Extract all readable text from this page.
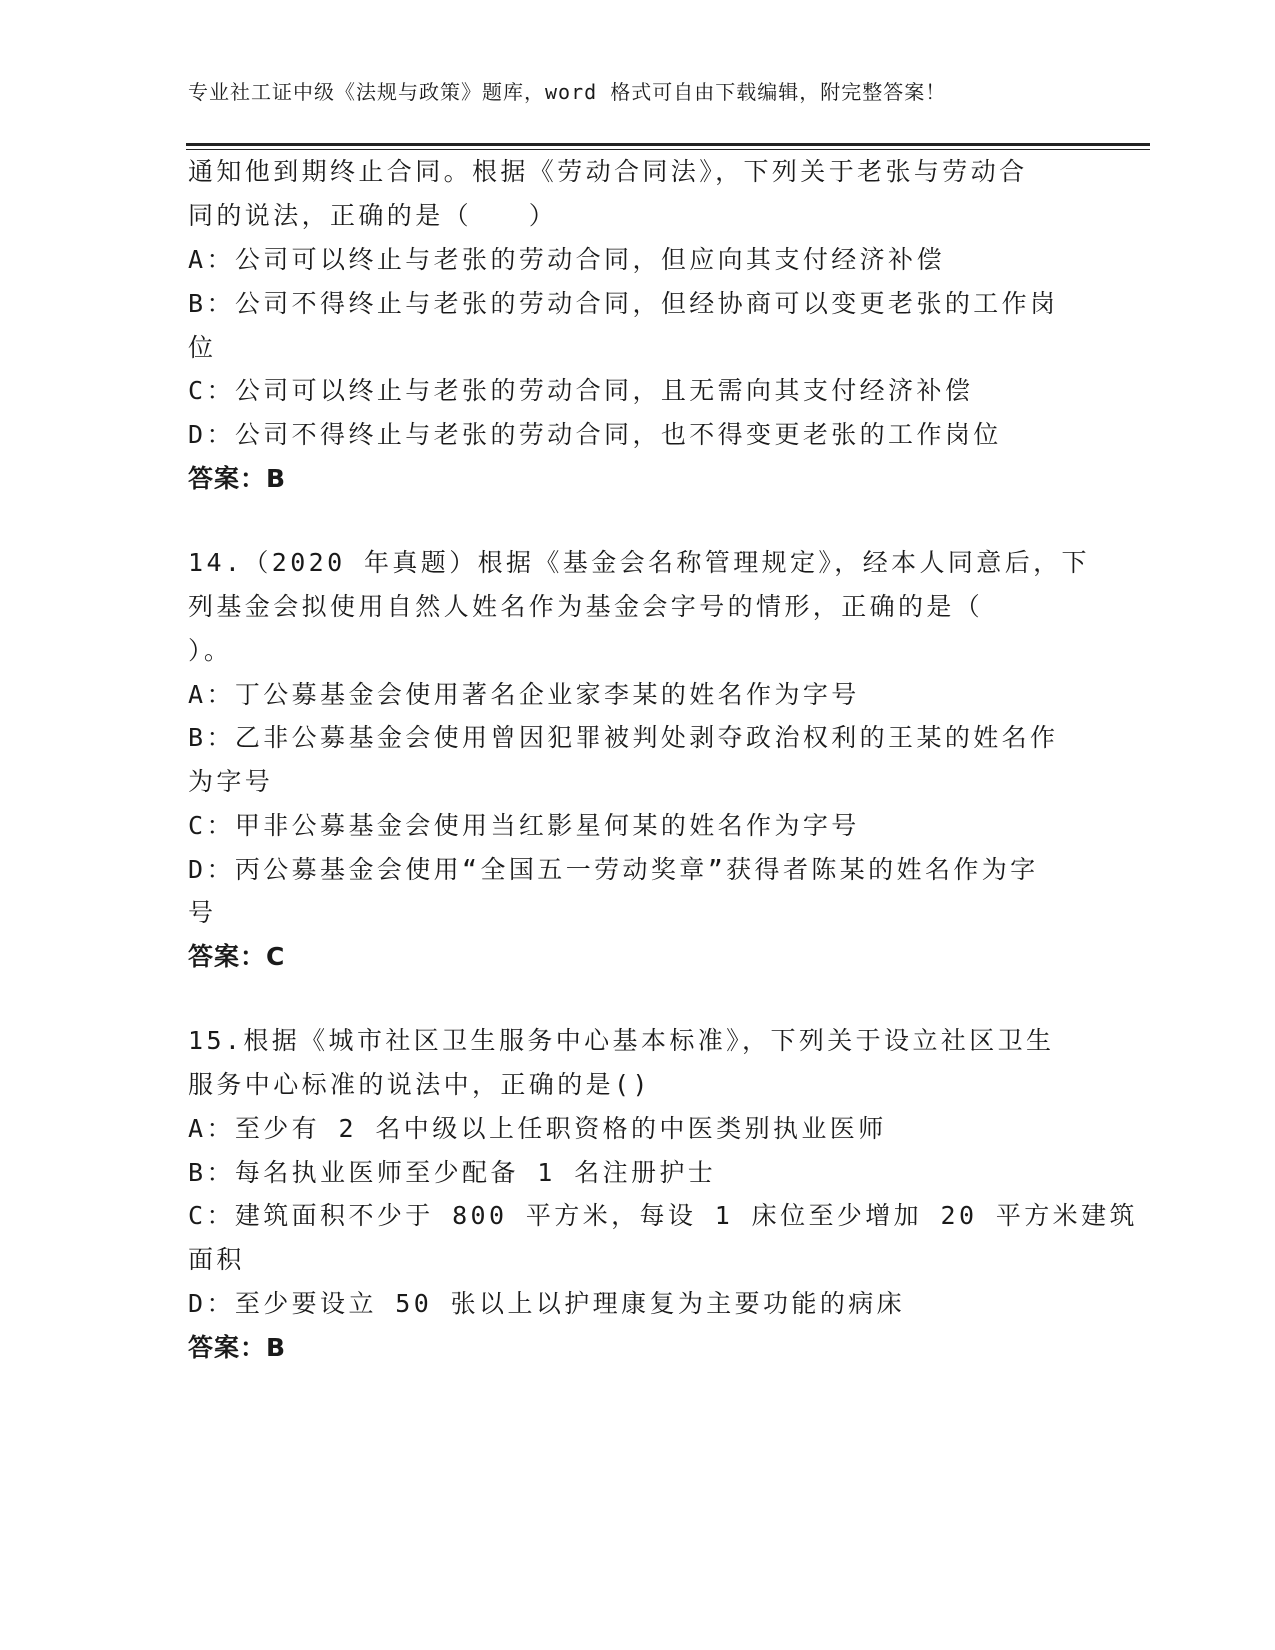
专业社工证中级《法规与政策》题库，word 格式可自由下载编辑，附完整答案！
通知他到期终止合同。根据《劳动合同法》，下列关于老张与劳动合
同的说法，正确的是（　　）
A：公司可以终止与老张的劳动合同，但应向其支付经济补偿
B：公司不得终止与老张的劳动合同，但经协商可以变更老张的工作岗
位
C：公司可以终止与老张的劳动合同，且无需向其支付经济补偿
D：公司不得终止与老张的劳动合同，也不得变更老张的工作岗位
答案：B
14.（2020 年真题）根据《基金会名称管理规定》，经本人同意后，下
列基金会拟使用自然人姓名作为基金会字号的情形，正确的是（
）。
A：丁公募基金会使用著名企业家李某的姓名作为字号
B：乙非公募基金会使用曾因犯罪被判处剥夺政治权利的王某的姓名作
为字号
C：甲非公募基金会使用当红影星何某的姓名作为字号
D：丙公募基金会使用“全国五一劳动奖章”获得者陈某的姓名作为字
号
答案：C
15.根据《城市社区卫生服务中心基本标准》，下列关于设立社区卫生
服务中心标准的说法中，正确的是()
A：至少有 2 名中级以上任职资格的中医类别执业医师
B：每名执业医师至少配备 1 名注册护士
C：建筑面积不少于 800 平方米，每设 1 床位至少增加 20 平方米建筑
面积
D：至少要设立 50 张以上以护理康复为主要功能的病床
答案：B
